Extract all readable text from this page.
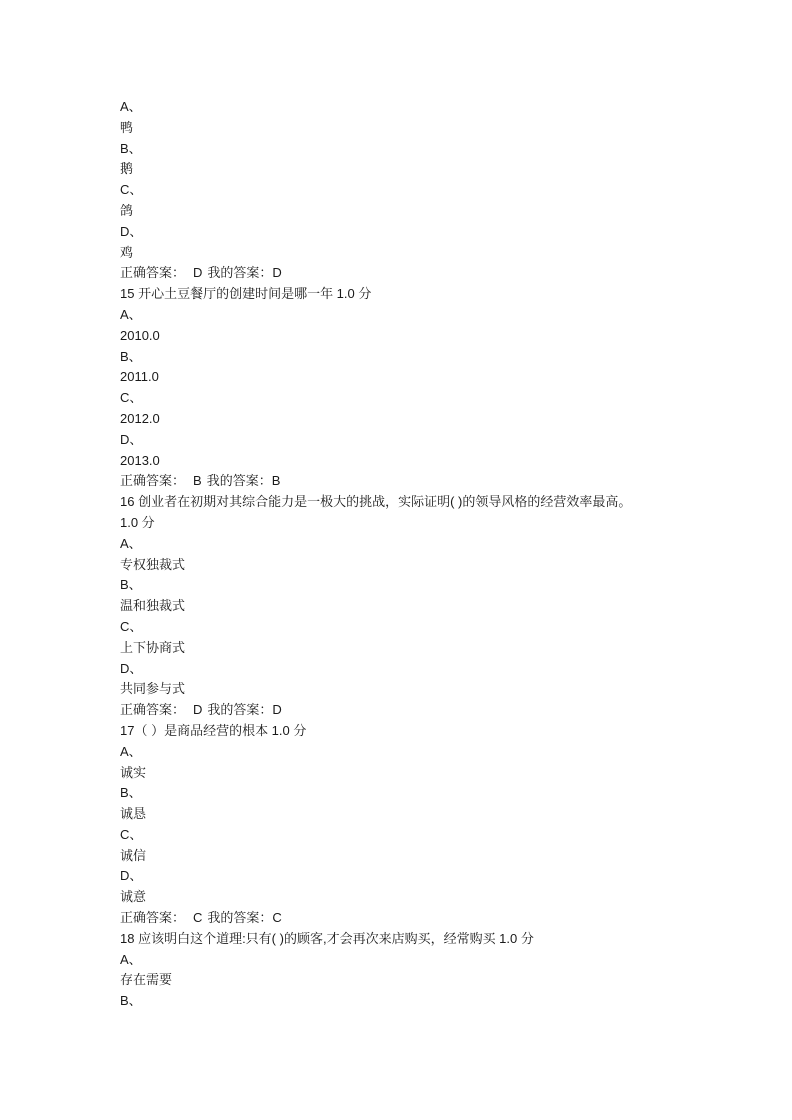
A、
鸭
B、
鹅
C、
鸽
D、
鸡
正确答案： D 我的答案：D
15 开心土豆餐厅的创建时间是哪一年 1.0 分
A、
2010.0
B、
2011.0
C、
2012.0
D、
2013.0
正确答案： B 我的答案：B
16 创业者在初期对其综合能力是一极大的挑战，实际证明( )的领导风格的经营效率最高。
1.0 分
A、
专权独裁式
B、
温和独裁式
C、
上下协商式
D、
共同参与式
正确答案： D 我的答案：D
17（ ）是商品经营的根本 1.0 分
A、
诚实
B、
诚恳
C、
诚信
D、
诚意
正确答案： C 我的答案：C
18 应该明白这个道理:只有( )的顾客,才会再次来店购买，经常购买 1.0 分
A、
存在需要
B、
